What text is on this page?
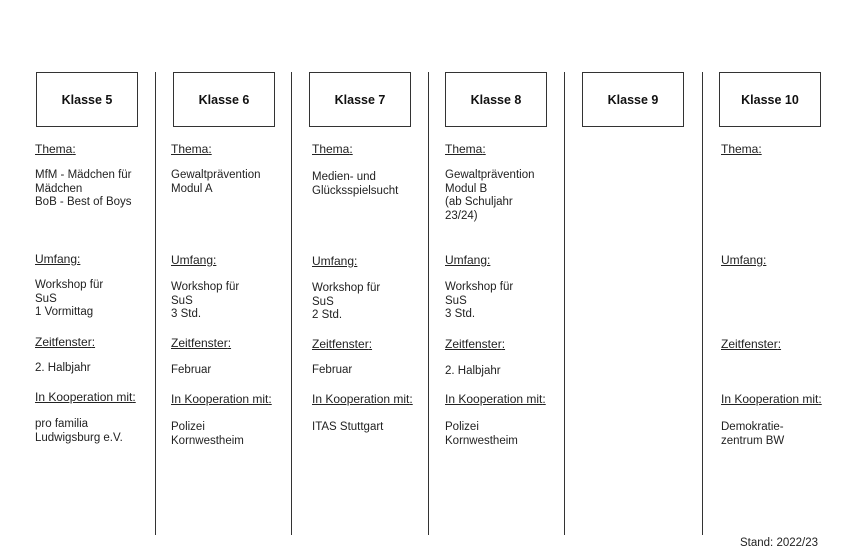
Klasse 5
Thema:
MfM - Mädchen für
Mädchen
BoB - Best of Boys
Umfang:
Workshop für
SuS
1 Vormittag
Zeitfenster:
2. Halbjahr
In Kooperation mit:
pro familia
Ludwigsburg e.V.
Klasse 6
Thema:
Gewaltprävention
Modul A
Umfang:
Workshop für
SuS
3 Std.
Zeitfenster:
Februar
In Kooperation mit:
Polizei
Kornwestheim
Klasse 7
Thema:
Medien- und
Glücksspielsucht
Umfang:
Workshop für
SuS
2 Std.
Zeitfenster:
Februar
In Kooperation mit:
ITAS Stuttgart
Klasse 8
Thema:
Gewaltprävention
Modul B
(ab Schuljahr
23/24)
Umfang:
Workshop für
SuS
3 Std.
Zeitfenster:
2. Halbjahr
In Kooperation mit:
Polizei
Kornwestheim
Klasse 9	Klasse 10
Thema:
Umfang:
Zeitfenster:
In Kooperation mit:
Demokratie-
zentrum BW
Stand: 2022/23
